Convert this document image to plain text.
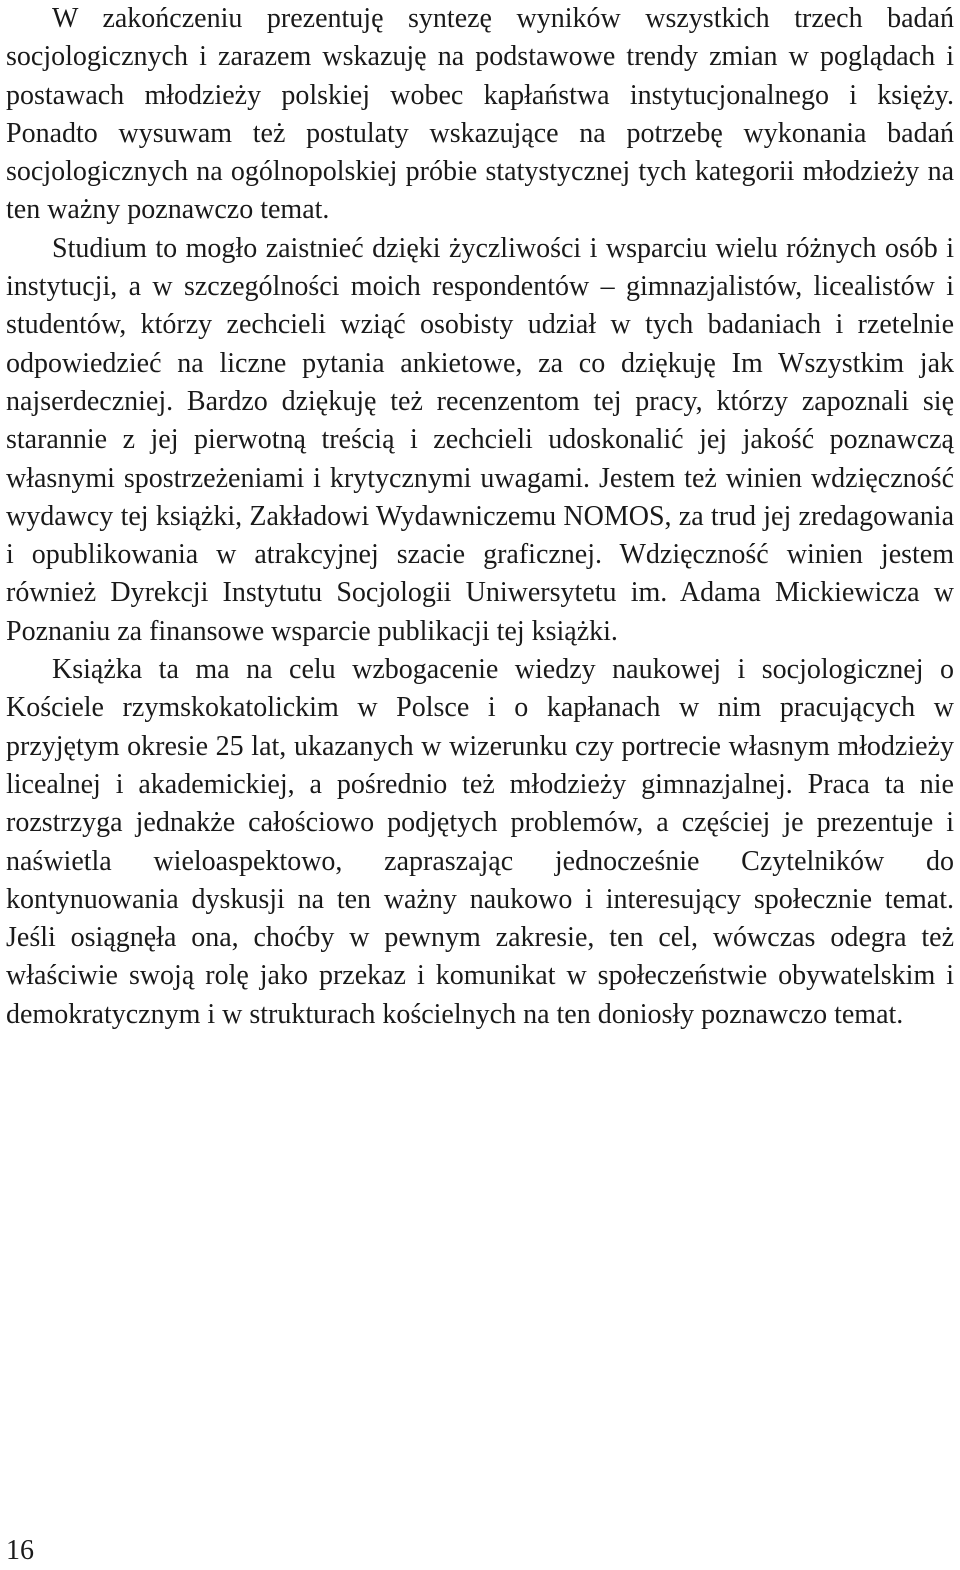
W zakończeniu prezentuję syntezę wyników wszystkich trzech badań socjologicznych i zarazem wskazuję na podstawowe trendy zmian w poglądach i postawach młodzieży polskiej wobec kapłaństwa instytucjonalnego i księży. Ponadto wysuwam też postulaty wskazujące na potrzebę wykonania badań socjologicznych na ogólnopolskiej próbie statystycznej tych kategorii młodzieży na ten ważny poznawczo temat.

Studium to mogło zaistnieć dzięki życzliwości i wsparciu wielu różnych osób i instytucji, a w szczególności moich respondentów – gimnazjalistów, licealistów i studentów, którzy zechcieli wziąć osobisty udział w tych badaniach i rzetelnie odpowiedzieć na liczne pytania ankietowe, za co dziękuję Im Wszystkim jak najserdeczniej. Bardzo dziękuję też recenzentom tej pracy, którzy zapoznali się starannie z jej pierwotną treścią i zechcieli udoskonalić jej jakość poznawczą własnymi spostrzeżeniami i krytycznymi uwagami. Jestem też winien wdzięczność wydawcy tej książki, Zakładowi Wydawniczemu NOMOS, za trud jej zredagowania i opublikowania w atrakcyjnej szacie graficznej. Wdzięczność winien jestem również Dyrekcji Instytutu Socjologii Uniwersytetu im. Adama Mickiewicza w Poznaniu za finansowe wsparcie publikacji tej książki.

Książka ta ma na celu wzbogacenie wiedzy naukowej i socjologicznej o Kościele rzymskokatolickim w Polsce i o kapłanach w nim pracujących w przyjętym okresie 25 lat, ukazanych w wizerunku czy portrecie własnym młodzieży licealnej i akademickiej, a pośrednio też młodzieży gimnazjalnej. Praca ta nie rozstrzyga jednakże całościowo podjętych problemów, a częściej je prezentuje i naświetla wieloaspektowo, zapraszając jednocześnie Czytelników do kontynuowania dyskusji na ten ważny naukowo i interesujący społecznie temat. Jeśli osiągnęła ona, choćby w pewnym zakresie, ten cel, wówczas odegra też właściwie swoją rolę jako przekaz i komunikat w społeczeństwie obywatelskim i demokratycznym i w strukturach kościelnych na ten doniosły poznawczo temat.

16
